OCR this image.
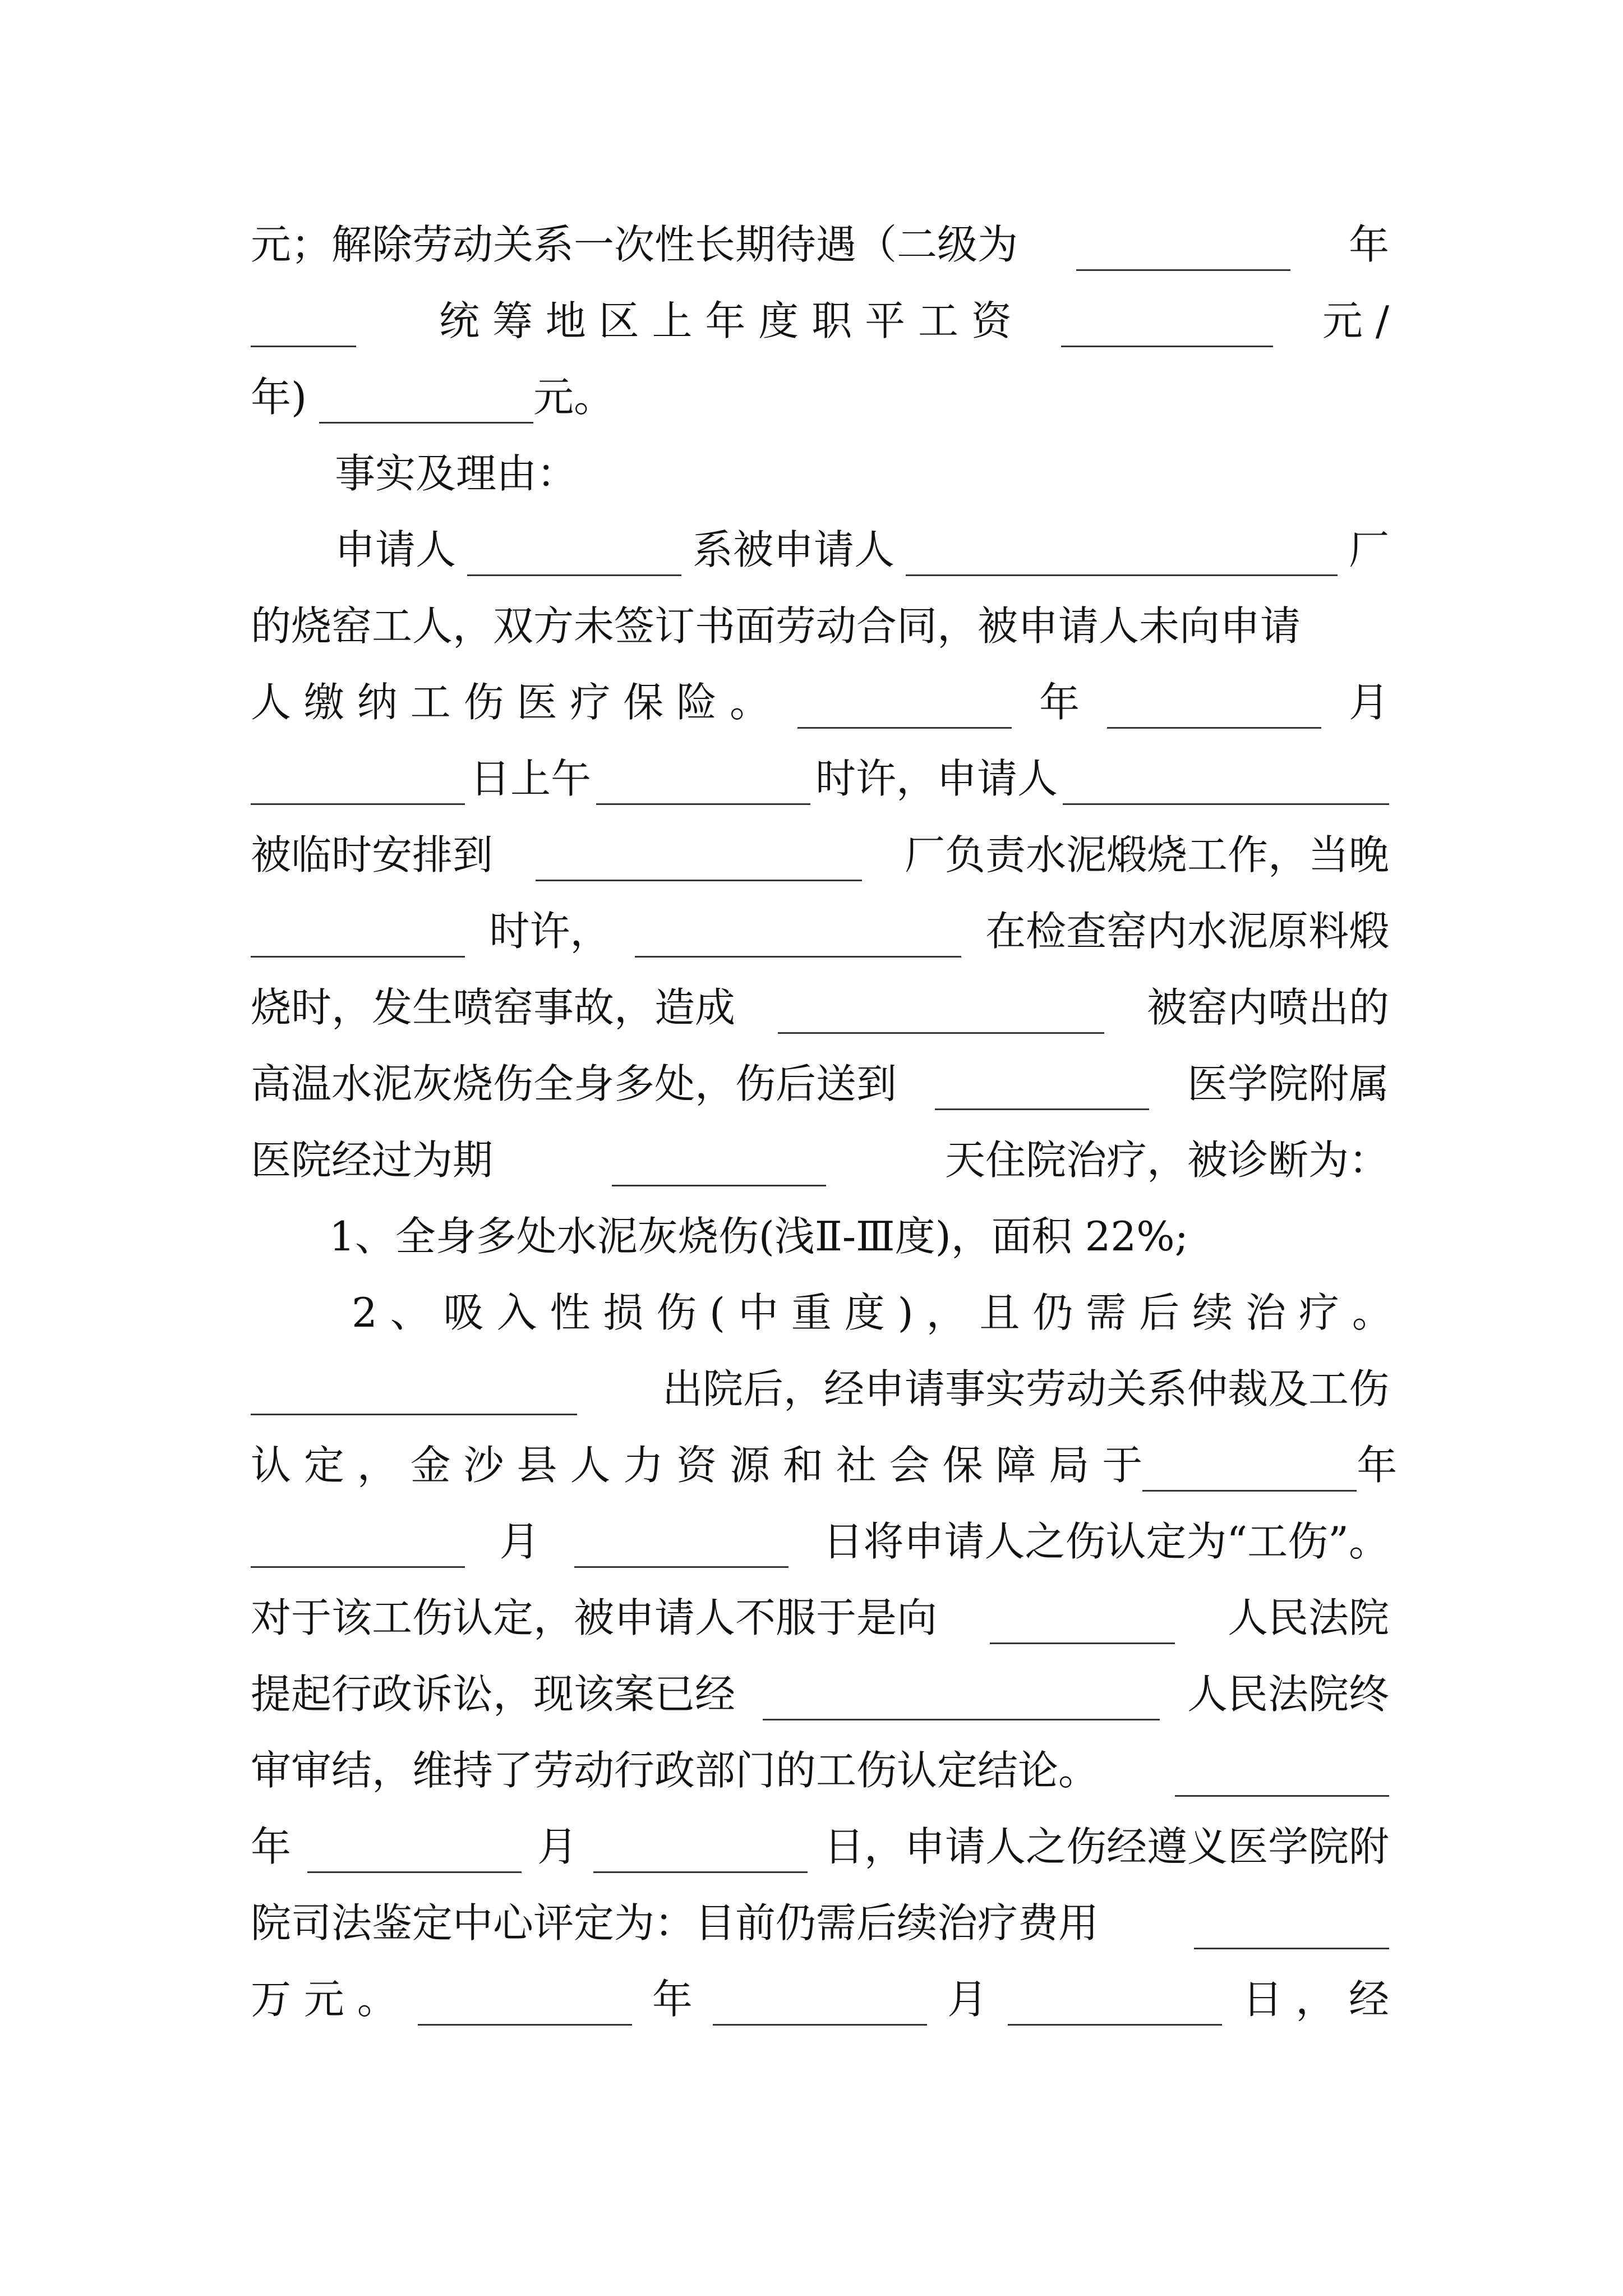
元；解除劳动关系一次性长期待遇（二级为	年
统 筹 地 区 上 年 度 职 平 工 资	元 /
年)	元。
事实及理由：
申请人	系被申请人	厂
的烧窑工人，双方未签订书面劳动合同，被申请人未向申请
人 缴 纳 工 伤 医 疗 保 险 。	年	月
日上午	时许，申请人
被临时安排到	厂负责水泥煅烧工作，当晚
时许，	在检查窑内水泥原料煅
烧时，发生喷窑事故，造成	被窑内喷出的
高温水泥灰烧伤全身多处，伤后送到	医学院附属
医院经过为期	天住院治疗，被诊断为：
1、全身多处水泥灰烧伤(浅Ⅱ-Ⅲ度)，面积 22%;
2 、 吸 入 性 损 伤 ( 中 重 度 ) ， 且 仍 需 后 续 治 疗 。
出院后，经申请事实劳动关系仲裁及工伤
认 定 ， 金 沙 县 人 力 资 源 和 社 会 保 障 局 于	年
月	日将申请人之伤认定为“工伤”。
对于该工伤认定，被申请人不服于是向	人民法院
提起行政诉讼，现该案已经	人民法院终
审审结，维持了劳动行政部门的工伤认定结论。
年	月	日，申请人之伤经遵义医学院附
院司法鉴定中心评定为：目前仍需后续治疗费用
万 元 。	年	月	日 ， 经
